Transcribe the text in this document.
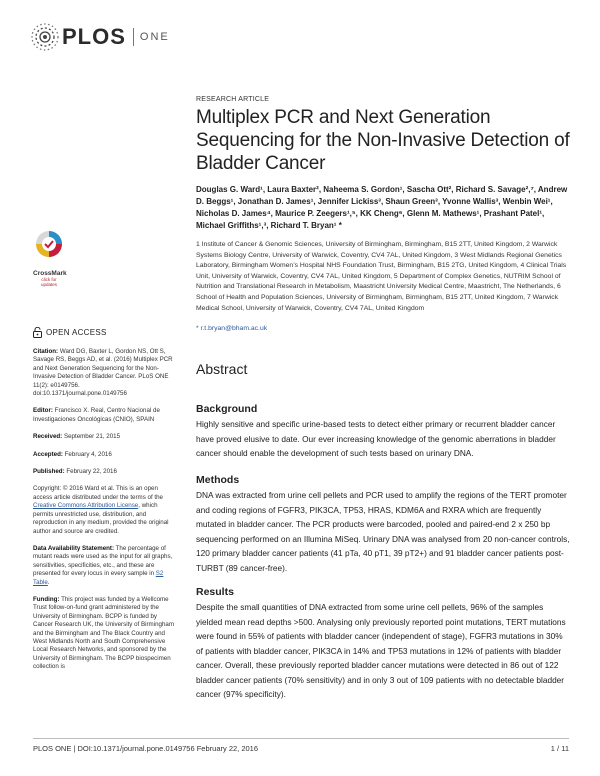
PLOS ONE
CrossMark
click for updates
OPEN ACCESS
Citation: Ward DG, Baxter L, Gordon NS, Ott S, Savage RS, Beggs AD, et al. (2016) Multiplex PCR and Next Generation Sequencing for the Non-Invasive Detection of Bladder Cancer. PLoS ONE 11(2): e0149756. doi:10.1371/journal.pone.0149756
Editor: Francisco X. Real, Centro Nacional de Investigaciones Oncológicas (CNIO), SPAIN
Received: September 21, 2015
Accepted: February 4, 2016
Published: February 22, 2016
Copyright: © 2016 Ward et al. This is an open access article distributed under the terms of the Creative Commons Attribution License, which permits unrestricted use, distribution, and reproduction in any medium, provided the original author and source are credited.
Data Availability Statement: The percentage of mutant reads were used as the input for all graphs, sensitivities, specificities, etc., and these are presented for every locus in every sample in S2 Table.
Funding: This project was funded by a Wellcome Trust follow-on-fund grant administered by the University of Birmingham. BCPP is funded by Cancer Research UK, the University of Birmingham and the Birmingham and The Black Country and West Midlands North and South Comprehensive Local Research Networks, and sponsored by the University of Birmingham. The BCPP biospecimen collection is
RESEARCH ARTICLE
Multiplex PCR and Next Generation Sequencing for the Non-Invasive Detection of Bladder Cancer
Douglas G. Ward¹, Laura Baxter², Naheema S. Gordon¹, Sascha Ott², Richard S. Savage²,⁷, Andrew D. Beggs¹, Jonathan D. James¹, Jennifer Lickiss³, Shaun Green³, Yvonne Wallis³, Wenbin Wei¹, Nicholas D. James⁴, Maurice P. Zeegers¹,⁵, KK Cheng⁶, Glenn M. Mathews¹, Prashant Patel¹, Michael Griffiths¹,³, Richard T. Bryan¹ *
1 Institute of Cancer & Genomic Sciences, University of Birmingham, Birmingham, B15 2TT, United Kingdom, 2 Warwick Systems Biology Centre, University of Warwick, Coventry, CV4 7AL, United Kingdom, 3 West Midlands Regional Genetics Laboratory, Birmingham Women’s Hospital NHS Foundation Trust, Birmingham, B15 2TG, United Kingdom, 4 Clinical Trials Unit, University of Warwick, Coventry, CV4 7AL, United Kingdom, 5 Department of Complex Genetics, NUTRIM School of Nutrition and Translational Research in Metabolism, Maastricht University Medical Centre, Maastricht, The Netherlands, 6 School of Health and Population Sciences, University of Birmingham, Birmingham, B15 2TT, United Kingdom, 7 Warwick Medical School, University of Warwick, Coventry, CV4 7AL, United Kingdom
* r.t.bryan@bham.ac.uk
Abstract
Background
Highly sensitive and specific urine-based tests to detect either primary or recurrent bladder cancer have proved elusive to date. Our ever increasing knowledge of the genomic aberrations in bladder cancer should enable the development of such tests based on urinary DNA.
Methods
DNA was extracted from urine cell pellets and PCR used to amplify the regions of the TERT promoter and coding regions of FGFR3, PIK3CA, TP53, HRAS, KDM6A and RXRA which are frequently mutated in bladder cancer. The PCR products were barcoded, pooled and paired-end 2 x 250 bp sequencing performed on an Illumina MiSeq. Urinary DNA was analysed from 20 non-cancer controls, 120 primary bladder cancer patients (41 pTa, 40 pT1, 39 pT2+) and 91 bladder cancer patients post-TURBT (89 cancer-free).
Results
Despite the small quantities of DNA extracted from some urine cell pellets, 96% of the samples yielded mean read depths >500. Analysing only previously reported point mutations, TERT mutations were found in 55% of patients with bladder cancer (independent of stage), FGFR3 mutations in 30% of patients with bladder cancer, PIK3CA in 14% and TP53 mutations in 12% of patients with bladder cancer. Overall, these previously reported bladder cancer mutations were detected in 86 out of 122 bladder cancer patients (70% sensitivity) and in only 3 out of 109 patients with no detectable bladder cancer (97% specificity).
PLOS ONE | DOI:10.1371/journal.pone.0149756 February 22, 2016	1 / 11
